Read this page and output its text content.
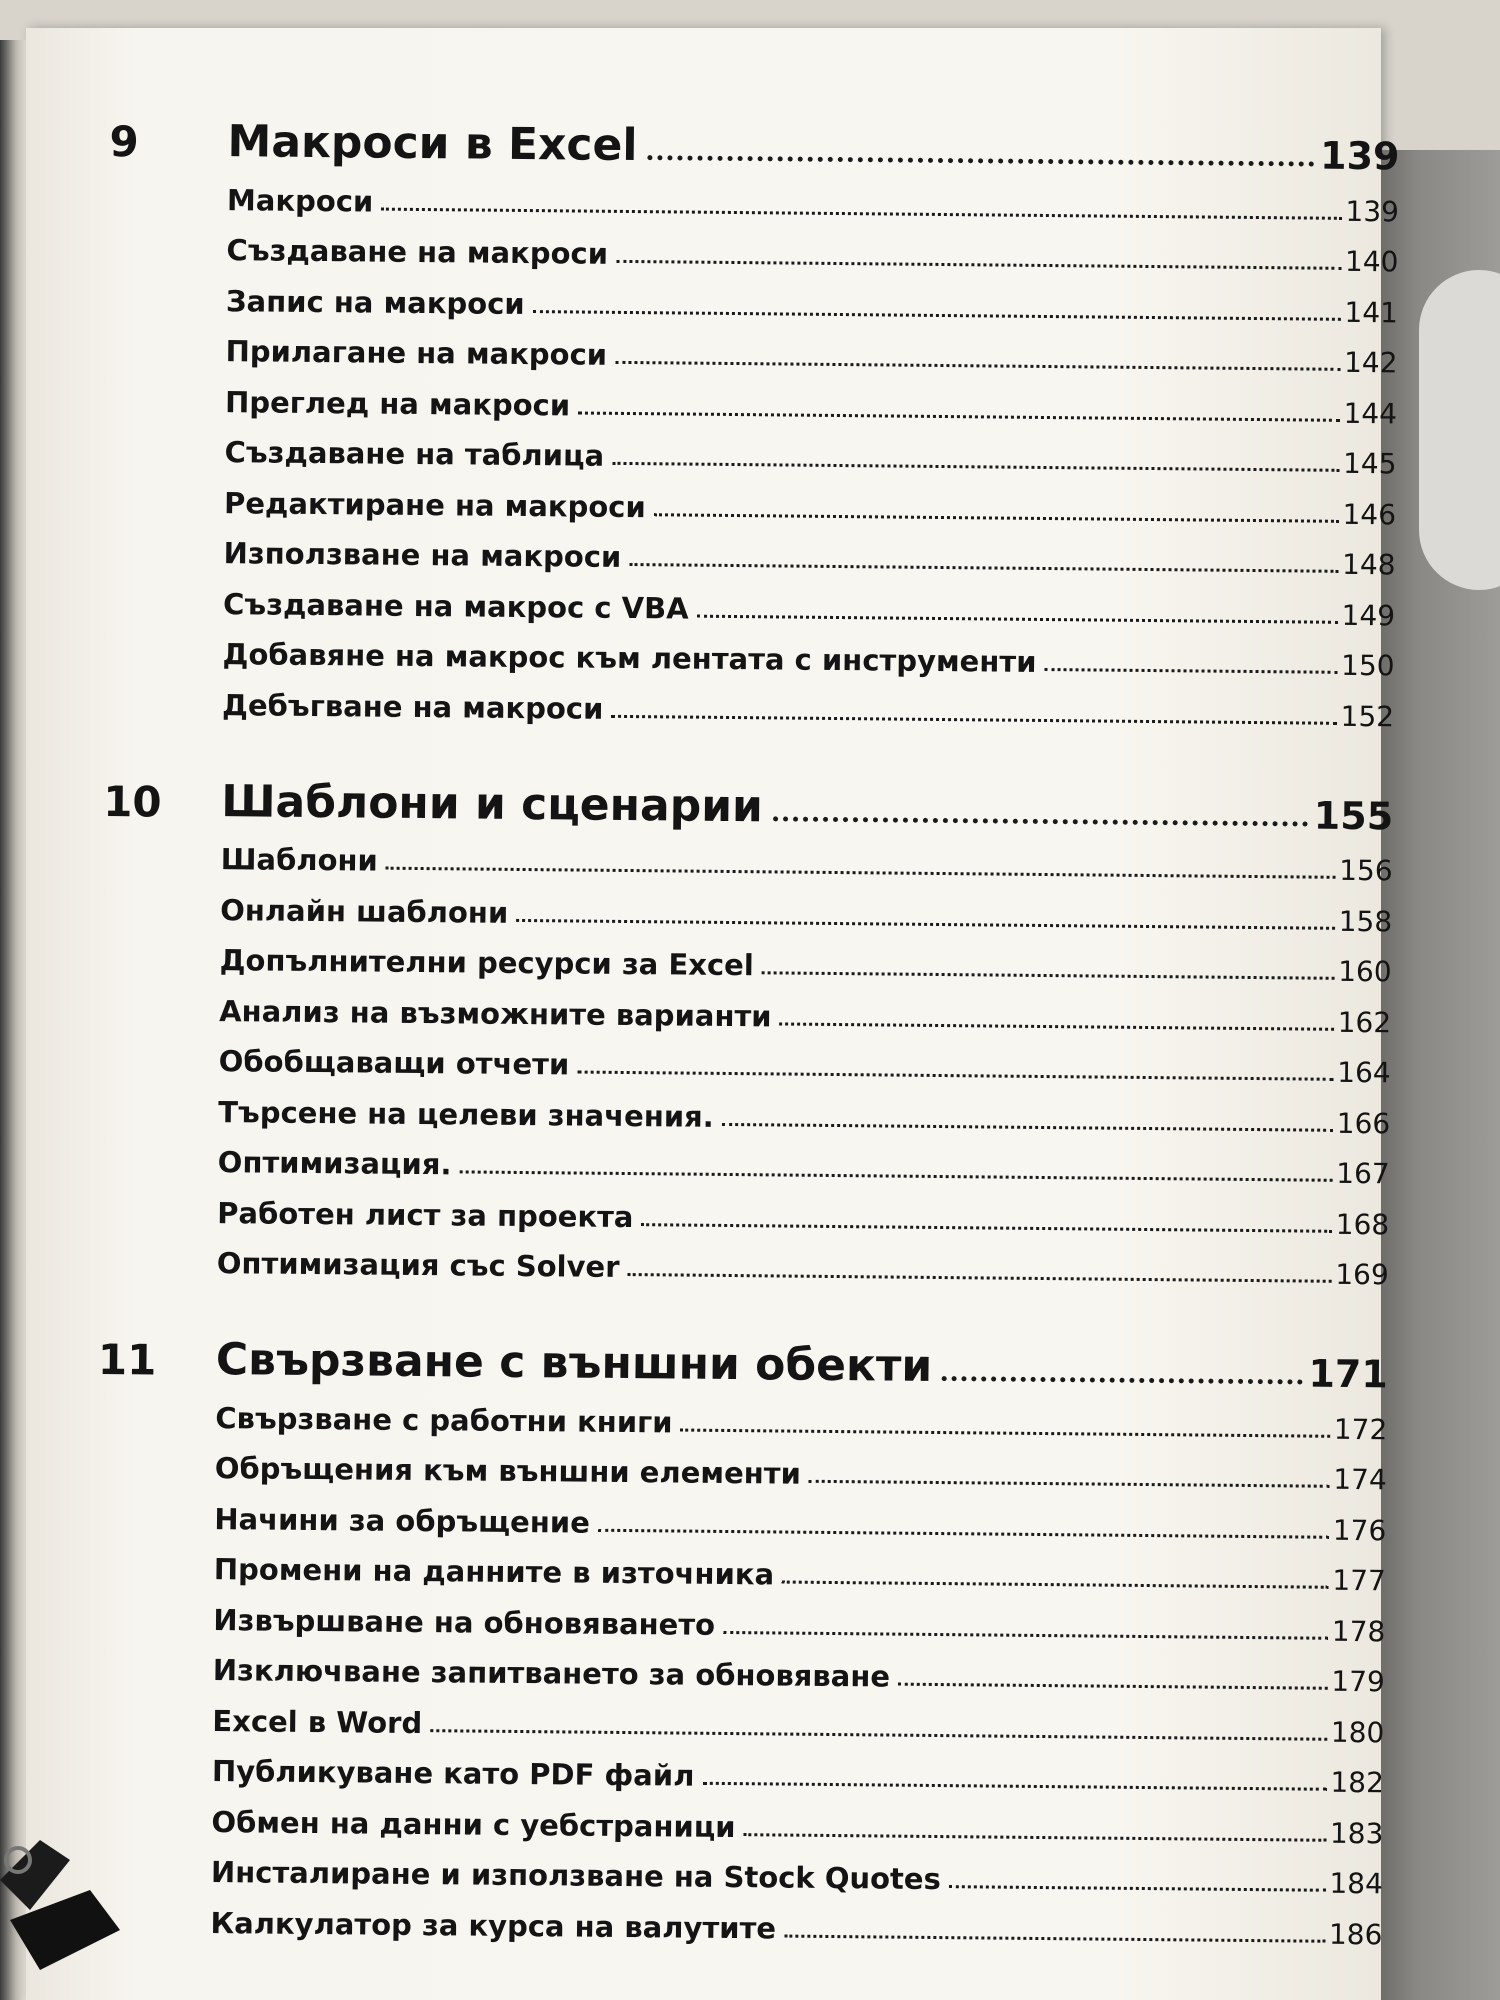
9	Макроси в Excel	139
Макроси	139
Създаване на макроси	140
Запис на макроси	141
Прилагане на макроси	142
Преглед на макроси	144
Създаване на таблица	145
Редактиране на макроси	146
Използване на макроси	148
Създаване на макрос с VBA	149
Добавяне на макрос към лентата с инструменти	150
Дебъгване на макроси	152
10	Шаблони и сценарии	155
Шаблони	156
Онлайн шаблони	158
Допълнителни ресурси за Excel	160
Анализ на възможните варианти	162
Обобщаващи отчети	164
Търсене на целеви значения.	166
Оптимизация.	167
Работен лист за проекта	168
Оптимизация със Solver	169
11	Свързване с външни обекти	171
Свързване с работни книги	172
Обръщения към външни елементи	174
Начини за обръщение	176
Промени на данните в източника	177
Извършване на обновяването	178
Изключване запитването за обновяване	179
Excel в Word	180
Публикуване като PDF файл	182
Обмен на данни с уебстраници	183
Инсталиране и използване на Stock Quotes	184
Калкулатор за курса на валутите	186
